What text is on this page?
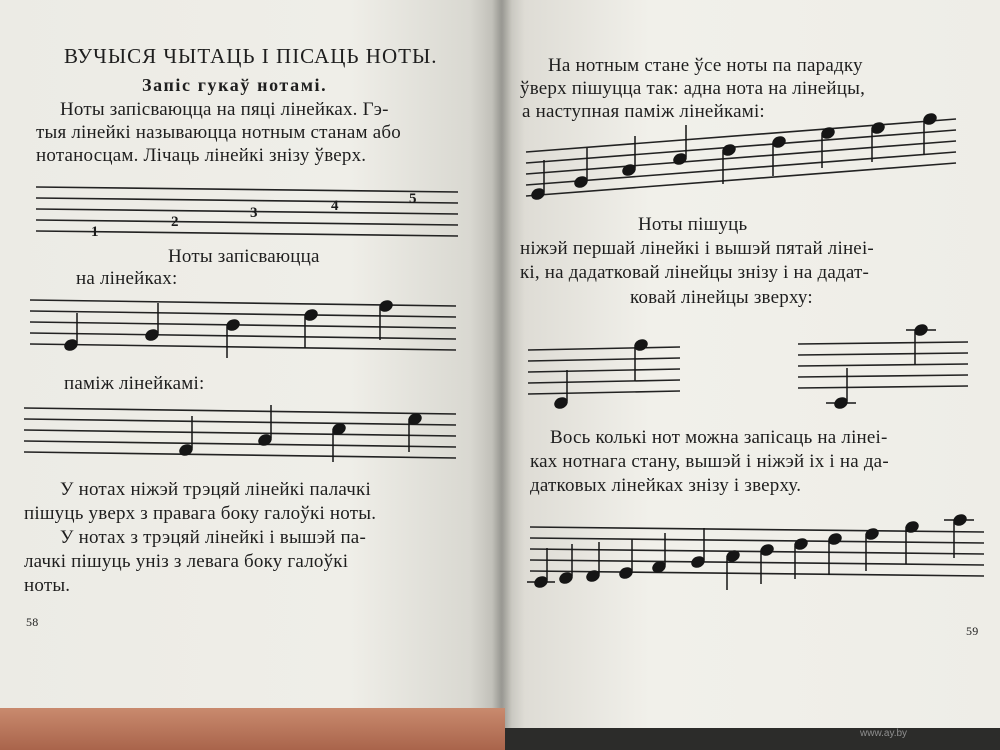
ВУЧЫСЯ ЧЫТАЦЬ І ПІСАЦЬ НОТЫ.
Запіс гукаў нотамі.
Ноты запісваюцца на пяці лінейках. Гэ-
тыя лінейкі называюцца нотным станам або
нотаносцам. Лічаць лінейкі знізу ўверх.
Ноты запісваюцца
на лінейках:
паміж лінейкамі:
У нотах ніжэй трэцяй лінейкі палачкі
пішуць уверх з правага боку галоўкі ноты.
У нотах з трэцяй лінейкі і вышэй па-
лачкі пішуць уніз з левага боку галоўкі
ноты.
58
На нотным стане ўсе ноты па парадку
ўверх пішуцца так: адна нота на лінейцы,
а наступная паміж лінейкамі:
Ноты пішуць
ніжэй першай лінейкі і вышэй пятай лінеі-
кі, на дадатковай лінейцы знізу і на дадат-
ковай лінейцы зверху:
Вось колькі нот можна запісаць на лінеі-
ках нотнага стану, вышэй і ніжэй іх і на да-
датковых лінейках знізу і зверху.
59
www.ay.by
1
2
3	4	5
